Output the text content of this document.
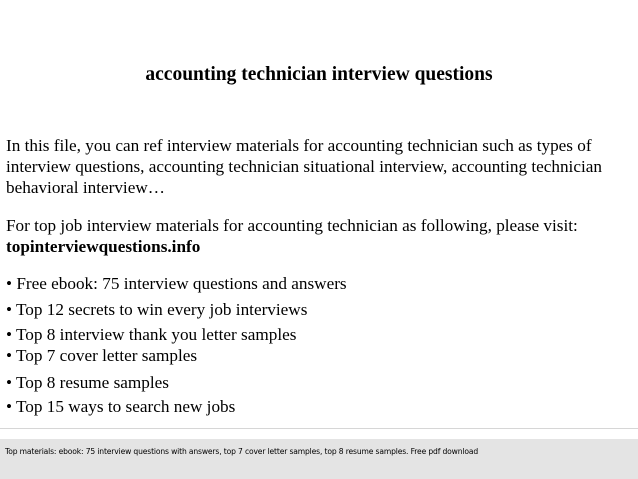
accounting technician interview questions
In this file, you can ref interview materials for accounting technician such as types of
interview questions, accounting technician situational interview, accounting technician
behavioral interview…
For top job interview materials for accounting technician as following, please visit:
topinterviewquestions.info
• Free ebook: 75 interview questions and answers
• Top 12 secrets to win every job interviews
• Top 8 interview thank you letter samples
• Top 7 cover letter samples
• Top 8 resume samples
• Top 15 ways to search new jobs
Top materials: ebook: 75 interview questions with answers, top 7 cover letter samples, top 8 resume samples. Free pdf download
